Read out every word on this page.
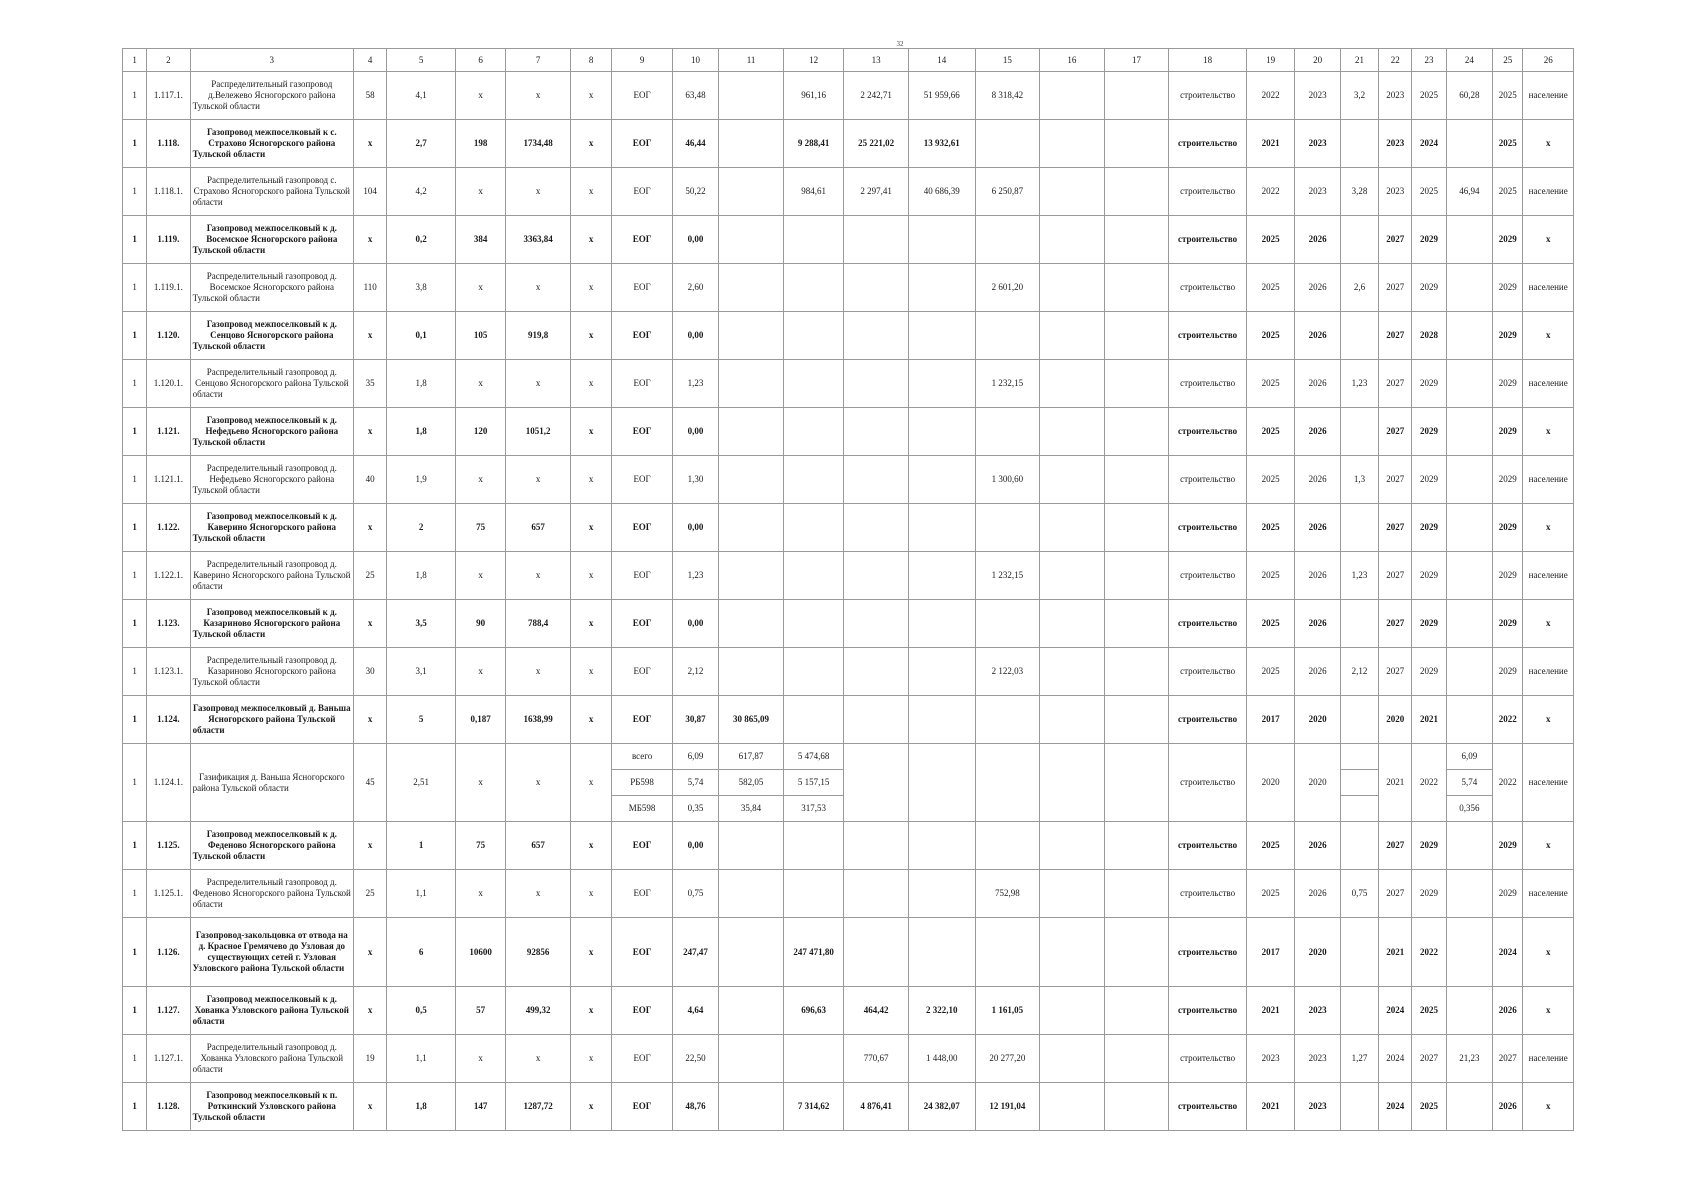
32
1	2	3	4	5	6	7	8	9	10	11	12	13	14	15	16	17	18	19	20	21	22	23	24	25	26
1	1.117.1.	Распределительный газопровод д.Вележево Ясногорского района Тульской области	58	4,1	х	х	х	ЕОГ	63,48		961,16	2 242,71	51 959,66	8 318,42			строительство	2022	2023	3,2	2023	2025	60,28	2025	население
1	1.118.	Газопровод межпоселковый к с. Страхово Ясногорского района Тульской области	х	2,7	198	1734,48	х	ЕОГ	46,44		9 288,41	25 221,02	13 932,61				строительство	2021	2023		2023	2024		2025	х
1	1.118.1.	Распределительный газопровод с. Страхово Ясногорского района Тульской области	104	4,2	х	х	х	ЕОГ	50,22		984,61	2 297,41	40 686,39	6 250,87			строительство	2022	2023	3,28	2023	2025	46,94	2025	население
1	1.119.	Газопровод межпоселковый к д. Восемское Ясногорского района Тульской области	х	0,2	384	3363,84	х	ЕОГ	0,00								строительство	2025	2026		2027	2029		2029	х
1	1.119.1.	Распределительный газопровод д. Восемское Ясногорского района Тульской области	110	3,8	х	х	х	ЕОГ	2,60					2 601,20			строительство	2025	2026	2,6	2027	2029		2029	население
1	1.120.	Газопровод межпоселковый к д. Сенцово Ясногорского района Тульской области	х	0,1	105	919,8	х	ЕОГ	0,00								строительство	2025	2026		2027	2028		2029	х
1	1.120.1.	Распределительный газопровод д. Сенцово Ясногорского района Тульской области	35	1,8	х	х	х	ЕОГ	1,23					1 232,15			строительство	2025	2026	1,23	2027	2029		2029	население
1	1.121.	Газопровод межпоселковый к д. Нефедьево Ясногорского района Тульской области	х	1,8	120	1051,2	х	ЕОГ	0,00								строительство	2025	2026		2027	2029		2029	х
1	1.121.1.	Распределительный газопровод д. Нефедьево Ясногорского района Тульской области	40	1,9	х	х	х	ЕОГ	1,30					1 300,60			строительство	2025	2026	1,3	2027	2029		2029	население
1	1.122.	Газопровод межпоселковый к д. Каверино Ясногорского района Тульской области	х	2	75	657	х	ЕОГ	0,00								строительство	2025	2026		2027	2029		2029	х
1	1.122.1.	Распределительный газопровод д. Каверино Ясногорского района Тульской области	25	1,8	х	х	х	ЕОГ	1,23					1 232,15			строительство	2025	2026	1,23	2027	2029		2029	население
1	1.123.	Газопровод межпоселковый к д. Казариново Ясногорского района Тульской области	х	3,5	90	788,4	х	ЕОГ	0,00								строительство	2025	2026		2027	2029		2029	х
1	1.123.1.	Распределительный газопровод д. Казариново Ясногорского района Тульской области	30	3,1	х	х	х	ЕОГ	2,12					2 122,03			строительство	2025	2026	2,12	2027	2029		2029	население
1	1.124.	Газопровод межпоселковый д. Ваньша Ясногорского района Тульской области	х	5	0,187	1638,99	х	ЕОГ	30,87	30 865,09							строительство	2017	2020		2020	2021		2022	х
1	1.124.1.	Газификация д. Ваньша Ясногорского района Тульской области	45	2,51	х	х	х	всего	6,09	617,87	5 474,68						строительство	2020	2020		2021	2022	6,09	2022	население
								РБ598	5,74	582,05	5 157,15												5,74		
								МБ598	0,35	35,84	317,53												0,356		
1	1.125.	Газопровод межпоселковый к д. Феденово Ясногорского района Тульской области	х	1	75	657	х	ЕОГ	0,00								строительство	2025	2026		2027	2029		2029	х
1	1.125.1.	Распределительный газопровод д. Феденово Ясногорского района Тульской области	25	1,1	х	х	х	ЕОГ	0,75					752,98			строительство	2025	2026	0,75	2027	2029		2029	население
1	1.126.	Газопровод-закольцовка от отвода на д. Красное Гремячево до Узловая до существующих сетей г. Узловая Узловского района Тульской области	х	6	10600	92856	х	ЕОГ	247,47		247 471,80						строительство	2017	2020		2021	2022		2024	х
1	1.127.	Газопровод межпоселковый к д. Хованка Узловского района Тульской области	х	0,5	57	499,32	х	ЕОГ	4,64		696,63	464,42	2 322,10	1 161,05			строительство	2021	2023		2024	2025		2026	х
1	1.127.1.	Распределительный газопровод д. Хованка Узловского района Тульской области	19	1,1	х	х	х	ЕОГ	22,50			770,67	1 448,00	20 277,20			строительство	2023	2023	1,27	2024	2027	21,23	2027	население
1	1.128.	Газопровод межпоселковый к п. Роткинский Узловского района Тульской области	х	1,8	147	1287,72	х	ЕОГ	48,76		7 314,62	4 876,41	24 382,07	12 191,04			строительство	2021	2023		2024	2025		2026	х
